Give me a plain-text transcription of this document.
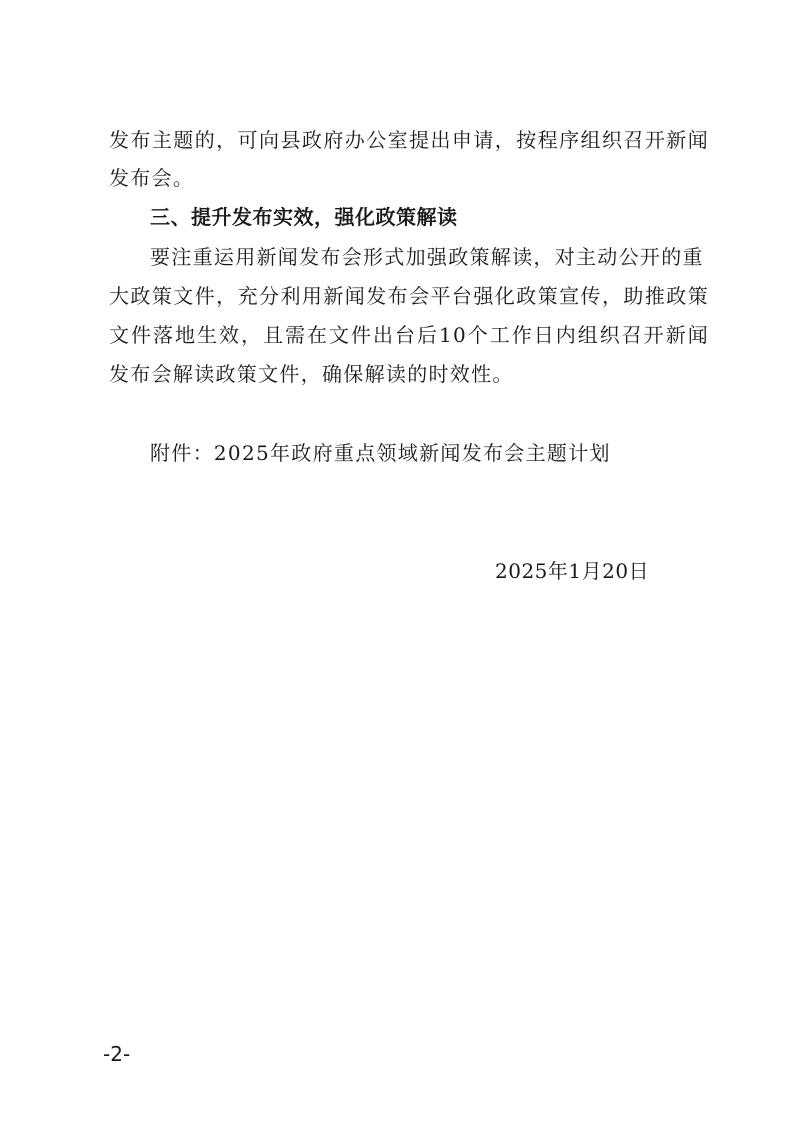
发布主题的，可向县政府办公室提出申请，按程序组织召开新闻
发布会。
三、提升发布实效，强化政策解读
要注重运用新闻发布会形式加强政策解读，对主动公开的重
大政策文件，充分利用新闻发布会平台强化政策宣传，助推政策
文件落地生效，且需在文件出台后10个工作日内组织召开新闻
发布会解读政策文件，确保解读的时效性。
附件：2025年政府重点领域新闻发布会主题计划
2025年1月20日
-2-
